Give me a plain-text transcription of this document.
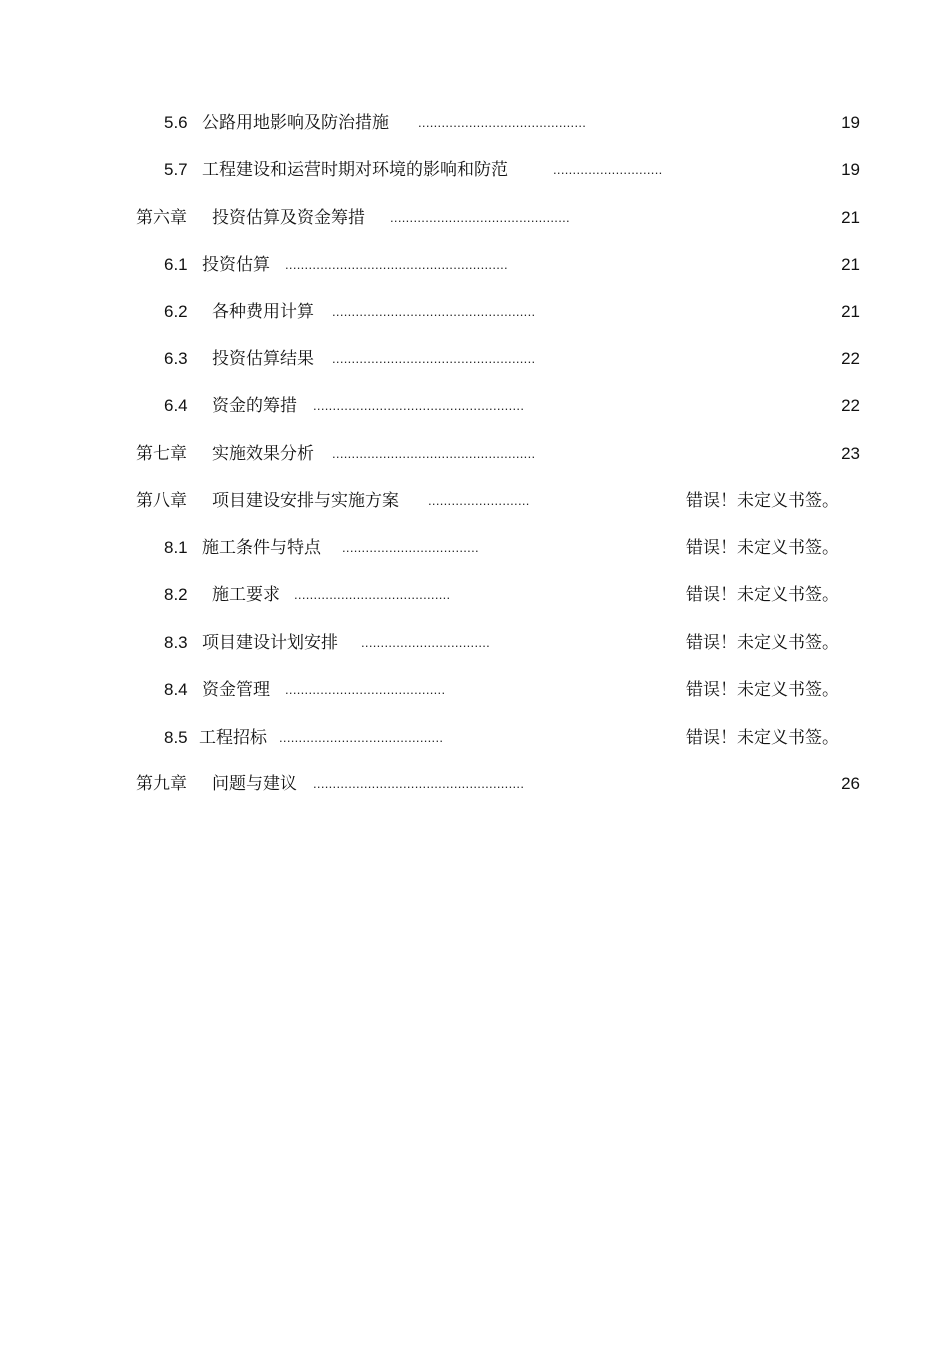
5.6 公路用地影响及防治措施 ...........................................	19
5.7 工程建设和运营时期对环境的影响和防范	............................	19
第六章 投资估算及资金筹措 ..............................................	21
6.1 投资估算 .........................................................	21
6.2 各种费用计算 ....................................................	21
6.3 投资估算结果 ....................................................	22
6.4 资金的筹措 ......................................................	22
第七章 实施效果分析 ....................................................	23
第八章 项目建设安排与实施方案 ..........................	错误！未定义书签。
8.1 施工条件与特点 ...................................	错误！未定义书签。
8.2 施工要求 ........................................	错误！未定义书签。
8.3 项目建设计划安排 .................................	错误！未定义书签。
8.4 资金管理 .........................................	错误！未定义书签。
8.5 工程招标 ..........................................	错误！未定义书签。
第九章 问题与建议 ......................................................	26
